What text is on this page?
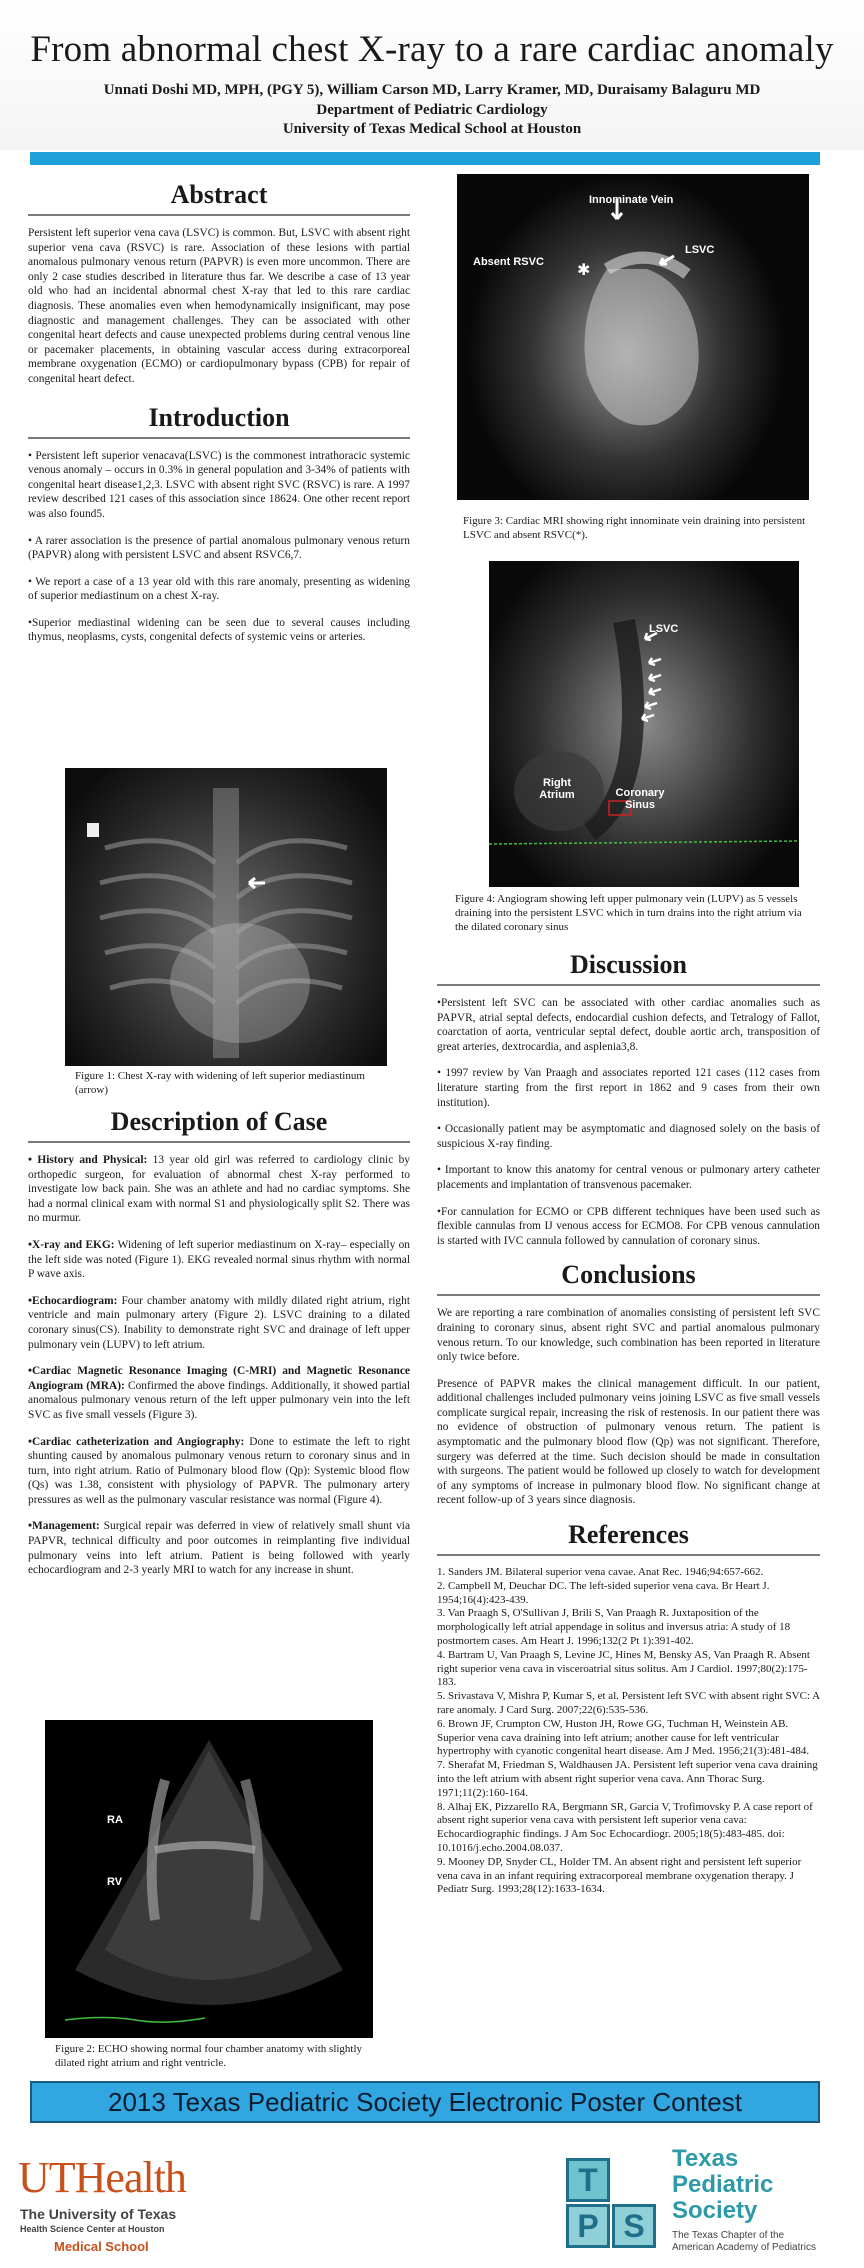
From abnormal chest X-ray to a rare cardiac anomaly
Unnati Doshi MD, MPH, (PGY 5), William Carson MD, Larry Kramer, MD, Duraisamy Balaguru MD
Department of Pediatric Cardiology
University of Texas Medical School at Houston
Abstract

Persistent left superior vena cava (LSVC) is common. But, LSVC with absent right superior vena cava (RSVC) is rare. Association of these lesions with partial anomalous pulmonary venous return (PAPVR) is even more uncommon. There are only 2 case studies described in literature thus far. We describe a case of 13 year old who had an incidental abnormal chest X-ray that led to this rare cardiac diagnosis. These anomalies even when hemodynamically insignificant, may pose diagnostic and management challenges. They can be associated with other congenital heart defects and cause unexpected problems during central venous line or pacemaker placements, in obtaining vascular access during extracorporeal membrane oxygenation (ECMO) or cardiopulmonary bypass (CPB) for repair of congenital heart defect.

Introduction

• Persistent left superior venacava(LSVC) is the commonest intrathoracic systemic venous anomaly – occurs in 0.3% in general population and 3-34% of patients with congenital heart disease1,2,3. LSVC with absent right SVC (RSVC) is rare. A 1997 review described 121 cases of this association since 18624. One other recent report was also found5.

• A rarer association is the presence of partial anomalous pulmonary venous return (PAPVR) along with persistent LSVC and absent RSVC6,7.

• We report a case of a 13 year old with this rare anomaly, presenting as widening of superior mediastinum on a chest X-ray.

•Superior mediastinal widening can be seen due to several causes including thymus, neoplasms, cysts, congenital defects of systemic veins or arteries.

Figure 1: Chest X-ray with widening of left superior mediastinum (arrow)
Description of Case

• History and Physical: 13 year old girl was referred to cardiology clinic by orthopedic surgeon, for evaluation of abnormal chest X-ray performed to investigate low back pain. She was an athlete and had no cardiac symptoms. She had a normal clinical exam with normal S1 and physiologically split S2. There was no murmur.

•X-ray and EKG: Widening of left superior mediastinum on X-ray– especially on the left side was noted (Figure 1). EKG revealed normal sinus rhythm with normal P wave axis.

•Echocardiogram: Four chamber anatomy with mildly dilated right atrium, right ventricle and main pulmonary artery (Figure 2). LSVC draining to a dilated coronary sinus(CS). Inability to demonstrate right SVC and drainage of left upper pulmonary vein (LUPV) to left atrium.

•Cardiac Magnetic Resonance Imaging (C-MRI) and Magnetic Resonance Angiogram (MRA): Confirmed the above findings. Additionally, it showed partial anomalous pulmonary venous return of the left upper pulmonary vein into the left SVC as five small vessels (Figure 3).

•Cardiac catheterization and Angiography: Done to estimate the left to right shunting caused by anomalous pulmonary venous return to coronary sinus and in turn, into right atrium. Ratio of Pulmonary blood flow (Qp): Systemic blood flow (Qs) was 1.38, consistent with physiology of PAPVR. The pulmonary artery pressures as well as the pulmonary vascular resistance was normal (Figure 4).

•Management: Surgical repair was deferred in view of relatively small shunt via PAPVR, technical difficulty and poor outcomes in reimplanting five individual pulmonary veins into left atrium. Patient is being followed with yearly echocardiogram and 2-3 yearly MRI to watch for any increase in shunt.

RA
RV
Figure 2: ECHO showing normal four chamber anatomy with slightly dilated right atrium and right ventricle.
✱
Innominate Vein
Absent RSVC
LSVC
Figure 3: Cardiac MRI showing right innominate vein draining into persistent LSVC and absent RSVC(*).
LSVC
Right Atrium	Coronary Sinus
Figure 4: Angiogram showing left upper pulmonary vein (LUPV) as 5 vessels draining into the persistent LSVC which in turn drains into the right atrium via the dilated coronary sinus
Discussion

•Persistent left SVC can be associated with other cardiac anomalies such as PAPVR, atrial septal defects, endocardial cushion defects, and Tetralogy of Fallot, coarctation of aorta, ventricular septal defect, double aortic arch, transposition of great arteries, dextrocardia, and asplenia3,8.

• 1997 review by Van Praagh and associates reported 121 cases (112 cases from literature starting from the first report in 1862 and 9 cases from their own institution).

• Occasionally patient may be asymptomatic and diagnosed solely on the basis of suspicious X-ray finding.

• Important to know this anatomy for central venous or pulmonary artery catheter placements and implantation of transvenous pacemaker.

•For cannulation for ECMO or CPB different techniques have been used such as flexible cannulas from IJ venous access for ECMO8. For CPB venous cannulation is started with IVC cannula followed by cannulation of coronary sinus.

Conclusions

We are reporting a rare combination of anomalies consisting of persistent left SVC draining to coronary sinus, absent right SVC and partial anomalous pulmonary venous return. To our knowledge, such combination has been reported in literature only twice before.

Presence of PAPVR makes the clinical management difficult. In our patient, additional challenges included pulmonary veins joining LSVC as five small vessels complicate surgical repair, increasing the risk of restenosis. In our patient there was no evidence of obstruction of pulmonary venous return. The patient is asymptomatic and the pulmonary blood flow (Qp) was not significant. Therefore, surgery was deferred at the time. Such decision should be made in consultation with surgeons. The patient would be followed up closely to watch for development of any symptoms of increase in pulmonary blood flow. No significant change at recent follow-up of 3 years since diagnosis.

References
1. Sanders JM. Bilateral superior vena cavae. Anat Rec. 1946;94:657-662.
2. Campbell M, Deuchar DC. The left-sided superior vena cava. Br Heart J. 1954;16(4):423-439.
3. Van Praagh S, O'Sullivan J, Brili S, Van Praagh R. Juxtaposition of the morphologically left atrial appendage in solitus and inversus atria: A study of 18 postmortem cases. Am Heart J. 1996;132(2 Pt 1):391-402.
4. Bartram U, Van Praagh S, Levine JC, Hines M, Bensky AS, Van Praagh R. Absent right superior vena cava in visceroatrial situs solitus. Am J Cardiol. 1997;80(2):175-183.
5. Srivastava V, Mishra P, Kumar S, et al. Persistent left SVC with absent right SVC: A rare anomaly. J Card Surg. 2007;22(6):535-536.
6. Brown JF, Crumpton CW, Huston JH, Rowe GG, Tuchman H, Weinstein AB. Superior vena cava draining into left atrium; another cause for left ventricular hypertrophy with cyanotic congenital heart disease. Am J Med. 1956;21(3):481-484.
7. Sherafat M, Friedman S, Waldhausen JA. Persistent left superior vena cava draining into the left atrium with absent right superior vena cava. Ann Thorac Surg. 1971;11(2):160-164.
8. Alhaj EK, Pizzarello RA, Bergmann SR, Garcia V, Trofimovsky P. A case report of absent right superior vena cava with persistent left superior vena cava: Echocardiographic findings. J Am Soc Echocardiogr. 2005;18(5):483-485. doi: 10.1016/j.echo.2004.08.037.
9. Mooney DP, Snyder CL, Holder TM. An absent right and persistent left superior vena cava in an infant requiring extracorporeal membrane oxygenation therapy. J Pediatr Surg. 1993;28(12):1633-1634.
2013 Texas Pediatric Society Electronic Poster Contest
UTHealth
The University of Texas
Health Science Center at Houston
Medical School
T
P S
Texas
Pediatric
Society
The Texas Chapter of the
American Academy of Pediatrics
